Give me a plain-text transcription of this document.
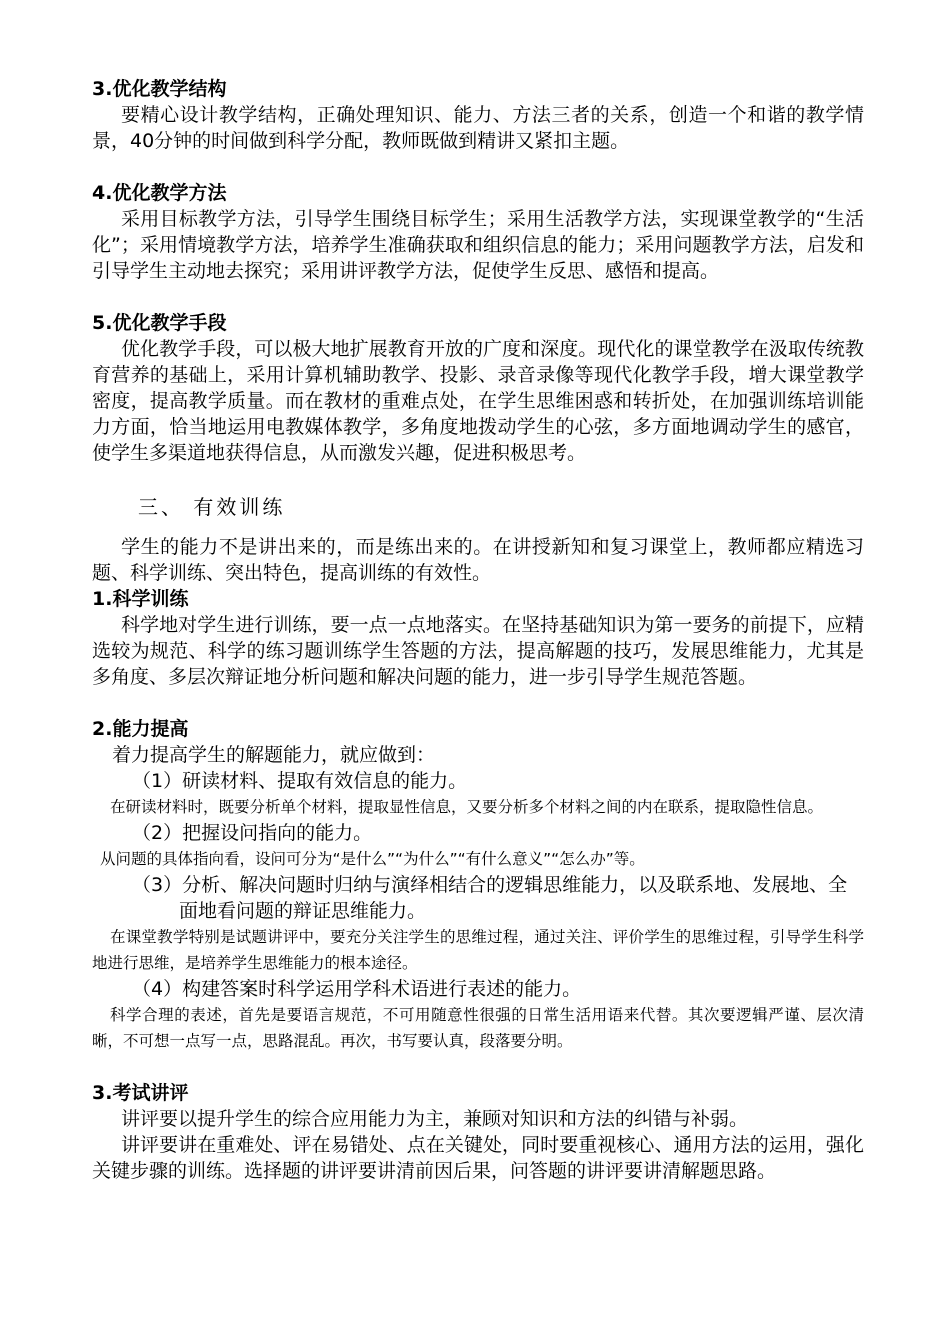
3.优化教学结构

要精心设计教学结构，正确处理知识、能力、方法三者的关系，创造一个和谐的教学情景，40分钟的时间做到科学分配，教师既做到精讲又紧扣主题。

4.优化教学方法

采用目标教学方法，引导学生围绕目标学生；采用生活教学方法，实现课堂教学的“生活化”；采用情境教学方法，培养学生准确获取和组织信息的能力；采用问题教学方法，启发和引导学生主动地去探究；采用讲评教学方法，促使学生反思、感悟和提高。

5.优化教学手段

优化教学手段，可以极大地扩展教育开放的广度和深度。现代化的课堂教学在汲取传统教育营养的基础上，采用计算机辅助教学、投影、录音录像等现代化教学手段，增大课堂教学密度，提高教学质量。而在教材的重难点处，在学生思维困惑和转折处，在加强训练培训能力方面，恰当地运用电教媒体教学，多角度地拨动学生的心弦，多方面地调动学生的感官，使学生多渠道地获得信息，从而激发兴趣，促进积极思考。

三、 有效训练

学生的能力不是讲出来的，而是练出来的。在讲授新知和复习课堂上，教师都应精选习题、科学训练、突出特色，提高训练的有效性。

1.科学训练

科学地对学生进行训练，要一点一点地落实。在坚持基础知识为第一要务的前提下，应精选较为规范、科学的练习题训练学生答题的方法，提高解题的技巧，发展思维能力，尤其是多角度、多层次辩证地分析问题和解决问题的能力，进一步引导学生规范答题。

2.能力提高

着力提高学生的解题能力，就应做到：

（1）研读材料、提取有效信息的能力。

在研读材料时，既要分析单个材料，提取显性信息，又要分析多个材料之间的内在联系，提取隐性信息。

（2）把握设问指向的能力。

从问题的具体指向看，设问可分为“是什么”“为什么”“有什么意义”“怎么办”等。

（3）分析、解决问题时归纳与演绎相结合的逻辑思维能力，以及联系地、发展地、全面地看问题的辩证思维能力。

在课堂教学特别是试题讲评中，要充分关注学生的思维过程，通过关注、评价学生的思维过程，引导学生科学地进行思维，是培养学生思维能力的根本途径。

（4）构建答案时科学运用学科术语进行表述的能力。

科学合理的表述，首先是要语言规范，不可用随意性很强的日常生活用语来代替。其次要逻辑严谨、层次清晰，不可想一点写一点，思路混乱。再次，书写要认真，段落要分明。

3.考试讲评

讲评要以提升学生的综合应用能力为主，兼顾对知识和方法的纠错与补弱。

讲评要讲在重难处、评在易错处、点在关键处，同时要重视核心、通用方法的运用，强化关键步骤的训练。选择题的讲评要讲清前因后果，问答题的讲评要讲清解题思路。
